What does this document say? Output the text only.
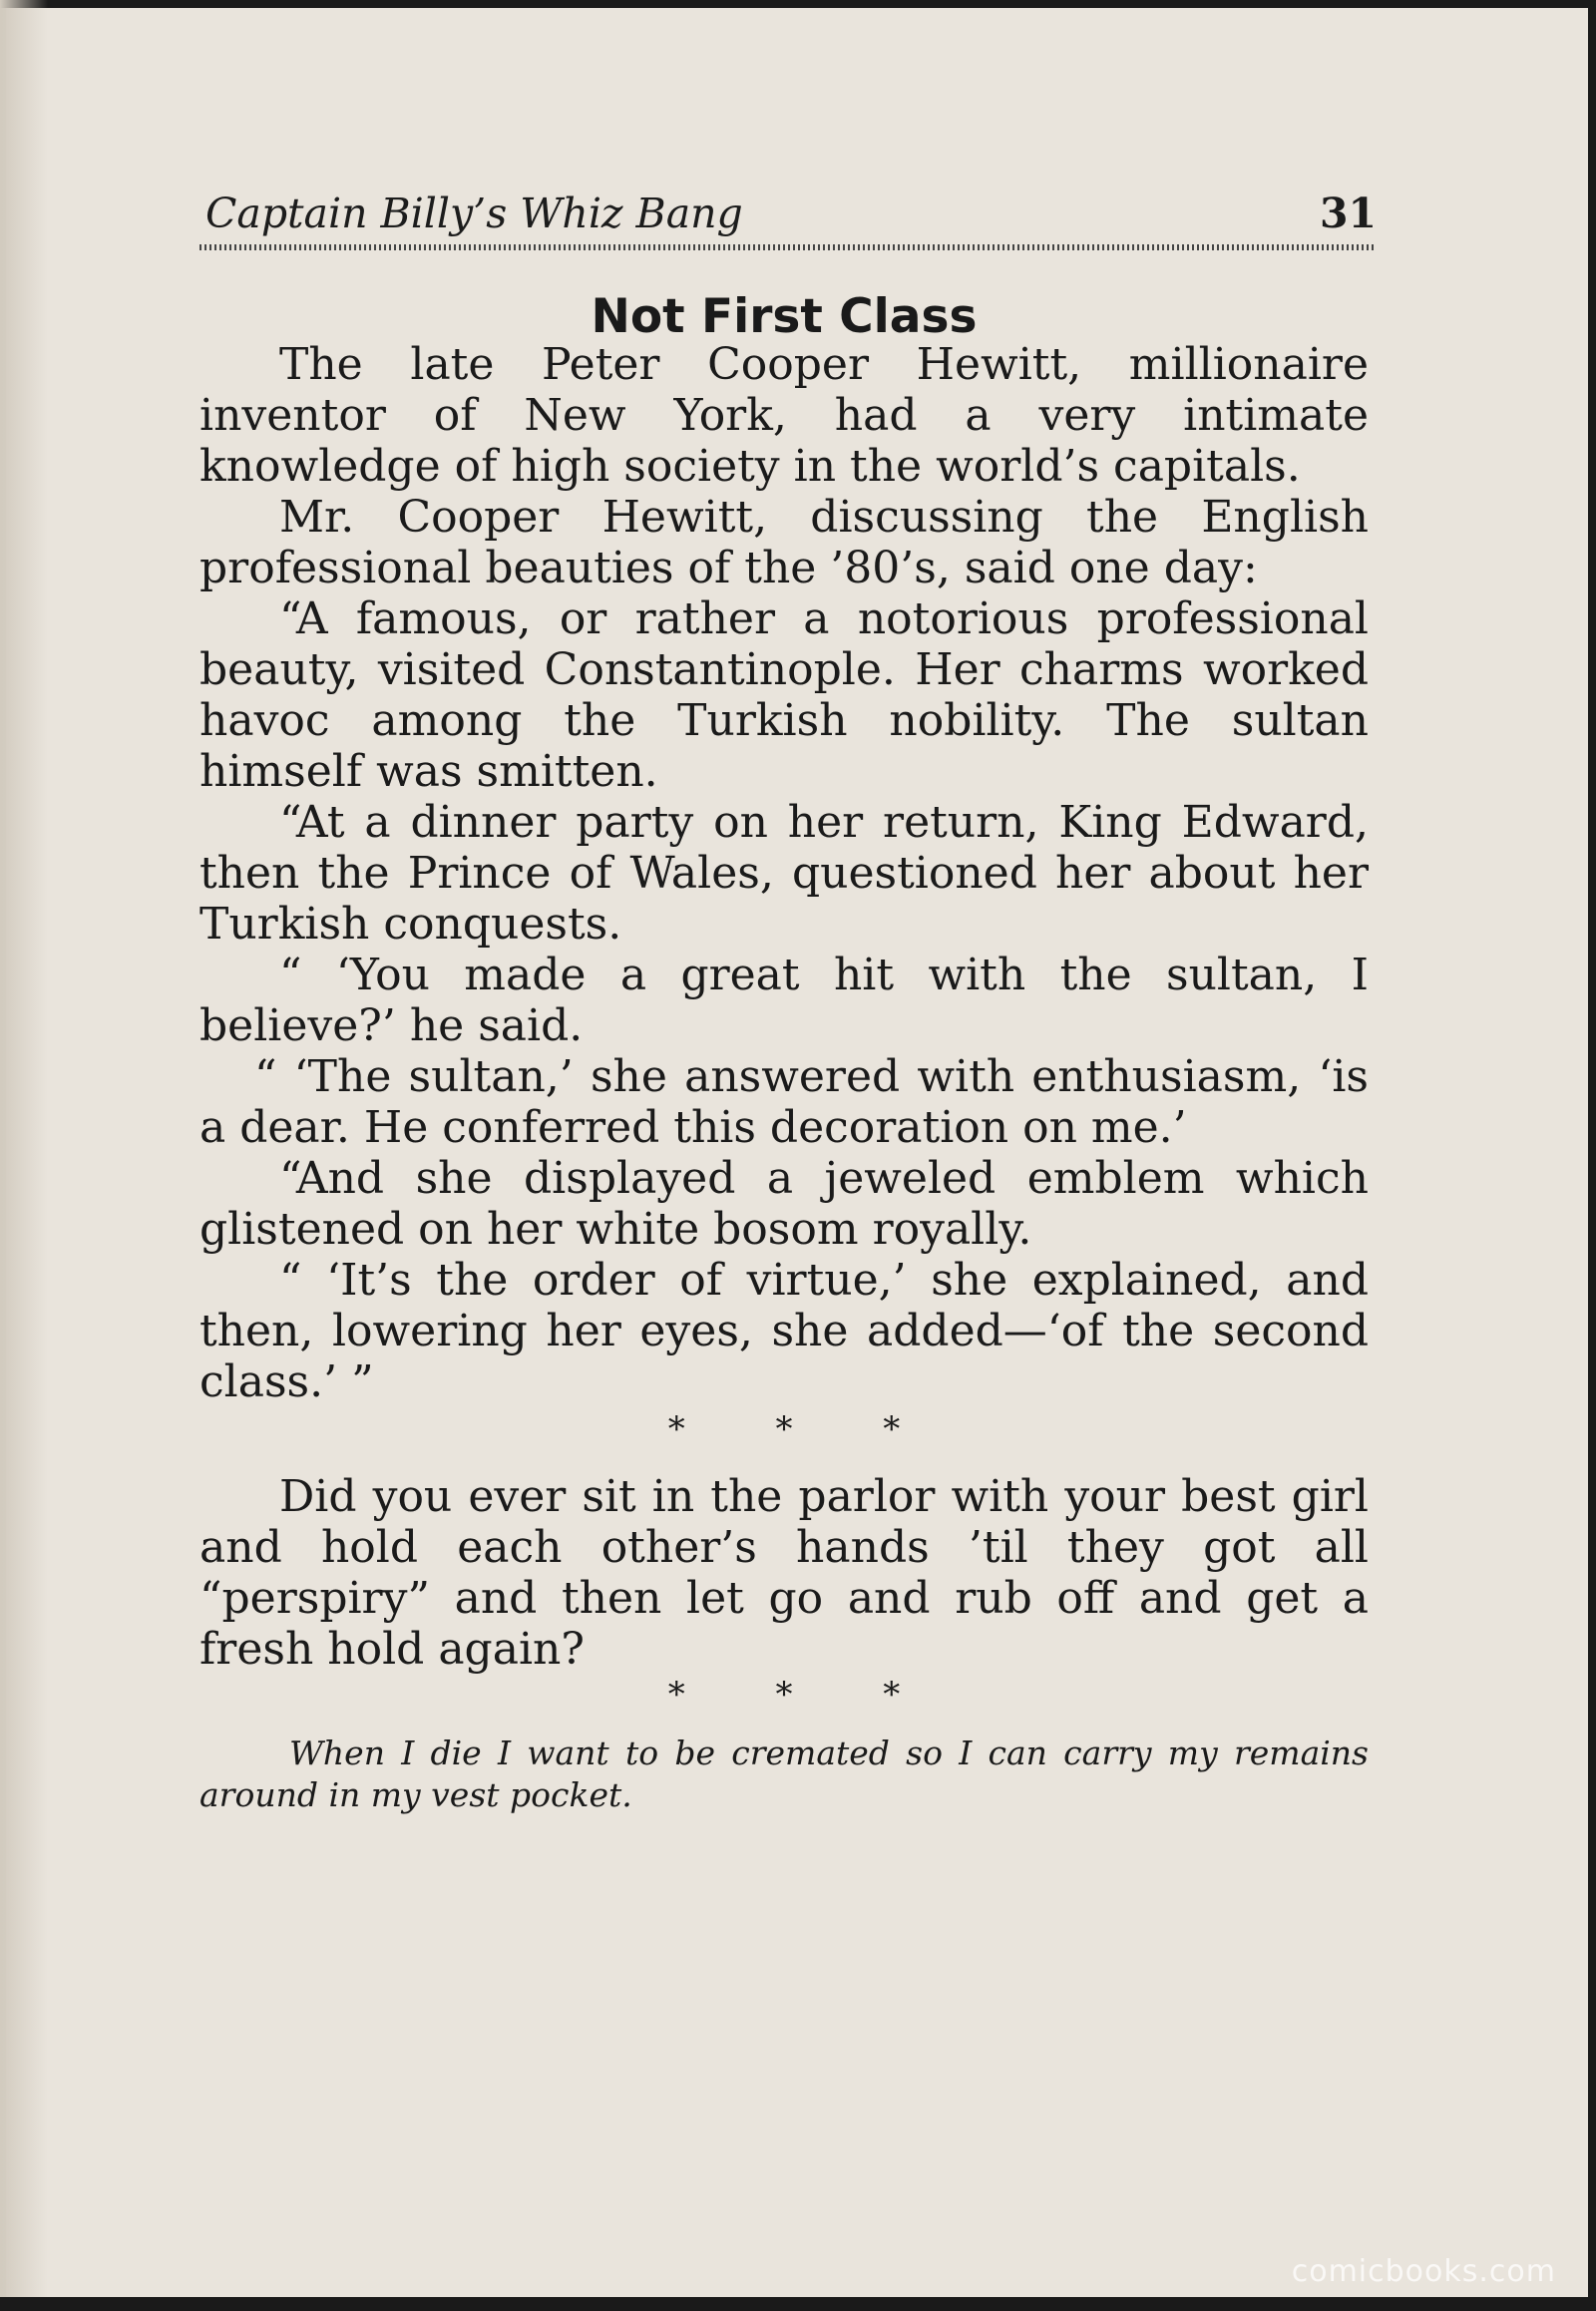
Captain Billy’s Whiz Bang	31
Not First Class

The late Peter Cooper Hewitt, millionaire inventor of New York, had a very intimate knowledge of high society in the world’s capitals.

Mr. Cooper Hewitt, discussing the English professional beauties of the ’80’s, said one day:

“A famous, or rather a notorious professional beauty, visited Constantinople. Her charms worked havoc among the Turkish nobility. The sultan himself was smitten.

“At a dinner party on her return, King Edward, then the Prince of Wales, questioned her about her Turkish conquests.

“ ‘You made a great hit with the sultan, I believe?’ he said.

“ ‘The sultan,’ she answered with enthusiasm, ‘is a dear. He conferred this decoration on me.’

“And she displayed a jeweled emblem which glistened on her white bosom royally.

“ ‘It’s the order of virtue,’ she explained, and then, lowering her eyes, she added—‘of the second class.’ ”

* * *

Did you ever sit in the parlor with your best girl and hold each other’s hands ’til they got all “perspiry” and then let go and rub off and get a fresh hold again?

* * *

When I die I want to be cremated so I can carry my remains around in my vest pocket.

comicbooks.com
